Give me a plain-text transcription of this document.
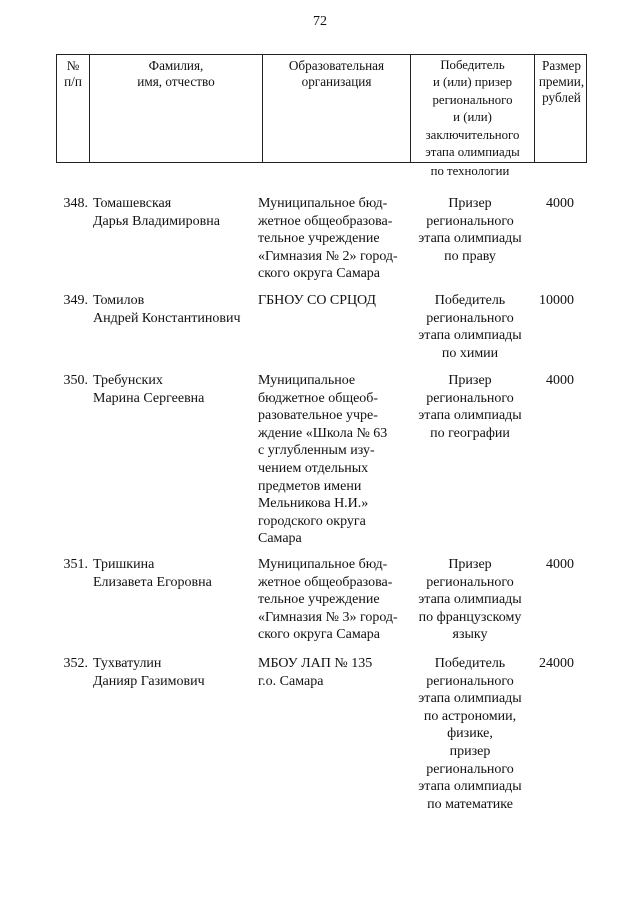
72
№
п/п
Фамилия,
имя, отчество
Образовательная
организация
Победитель
и (или) призер
регионального
и (или)
заключительного
этапа олимпиады
Размер
премии,
рублей
по технологии
348. Томашевская
Дарья Владимировна
Муниципальное бюд-
жетное общеобразова-
тельное учреждение
«Гимназия № 2» город-
ского округа Самара
Призер
регионального
этапа олимпиады
по праву
4000
349. Томилов
Андрей Константинович
ГБНОУ СО СРЦОД	Победитель
регионального
этапа олимпиады
по химии
10000
350. Требунских
Марина Сергеевна
Муниципальное
бюджетное общеоб-
разовательное учре-
ждение «Школа № 63
с углубленным изу-
чением отдельных
предметов имени
Мельникова Н.И.»
городского округа
Самара
Призер
регионального
этапа олимпиады
по географии
4000
351. Тришкина
Елизавета Егоровна
Муниципальное бюд-
жетное общеобразова-
тельное учреждение
«Гимназия № 3» город-
ского округа Самара
Призер
регионального
этапа олимпиады
по французскому
языку
4000
352. Тухватулин
Данияр Газимович
МБОУ ЛАП № 135
г.о. Самара
Победитель
регионального
этапа олимпиады
по астрономии,
физике,
призер
регионального
этапа олимпиады
по математике
24000
